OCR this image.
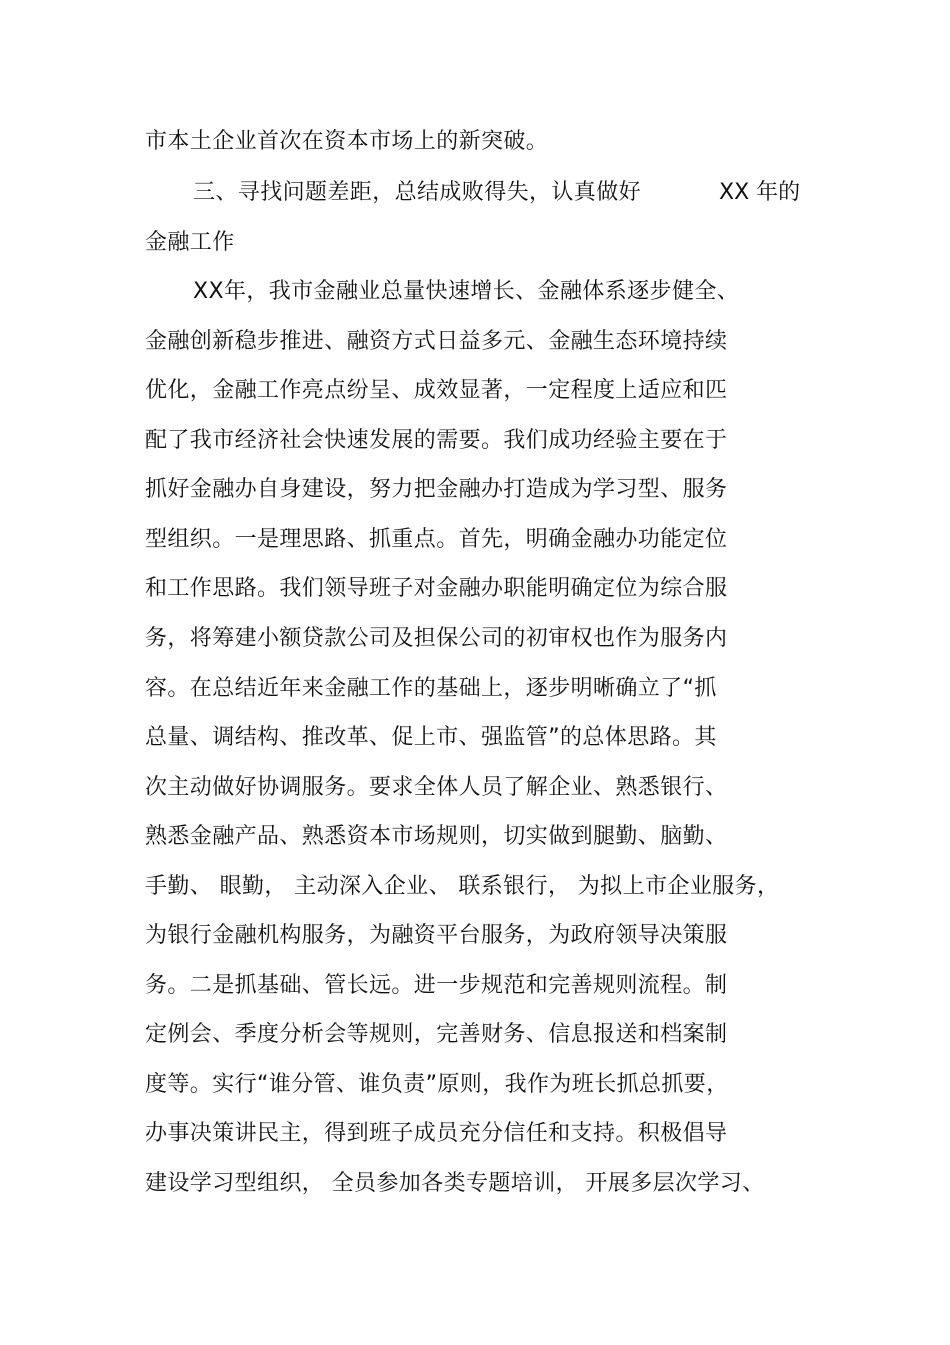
市本土企业首次在资本市场上的新突破。
三、寻找问题差距，总结成败得失，认真做好	XX 年的
金融工作
XX年，我市金融业总量快速增长、金融体系逐步健全、
金融创新稳步推进、融资方式日益多元、金融生态环境持续
优化，金融工作亮点纷呈、成效显著，一定程度上适应和匹
配了我市经济社会快速发展的需要。我们成功经验主要在于
抓好金融办自身建设，努力把金融办打造成为学习型、服务
型组织。一是理思路、抓重点。首先，明确金融办功能定位
和工作思路。我们领导班子对金融办职能明确定位为综合服
务，将筹建小额贷款公司及担保公司的初审权也作为服务内
容。在总结近年来金融工作的基础上，逐步明晰确立了“抓
总量、调结构、推改革、促上市、强监管”的总体思路。其
次主动做好协调服务。要求全体人员了解企业、熟悉银行、
熟悉金融产品、熟悉资本市场规则，切实做到腿勤、脑勤、
手勤、 眼勤， 主动深入企业、 联系银行， 为拟上市企业服务，
为银行金融机构服务，为融资平台服务，为政府领导决策服
务。二是抓基础、管长远。进一步规范和完善规则流程。制
定例会、季度分析会等规则，完善财务、信息报送和档案制
度等。实行“谁分管、谁负责”原则，我作为班长抓总抓要，
办事决策讲民主，得到班子成员充分信任和支持。积极倡导
建设学习型组织， 全员参加各类专题培训， 开展多层次学习、
